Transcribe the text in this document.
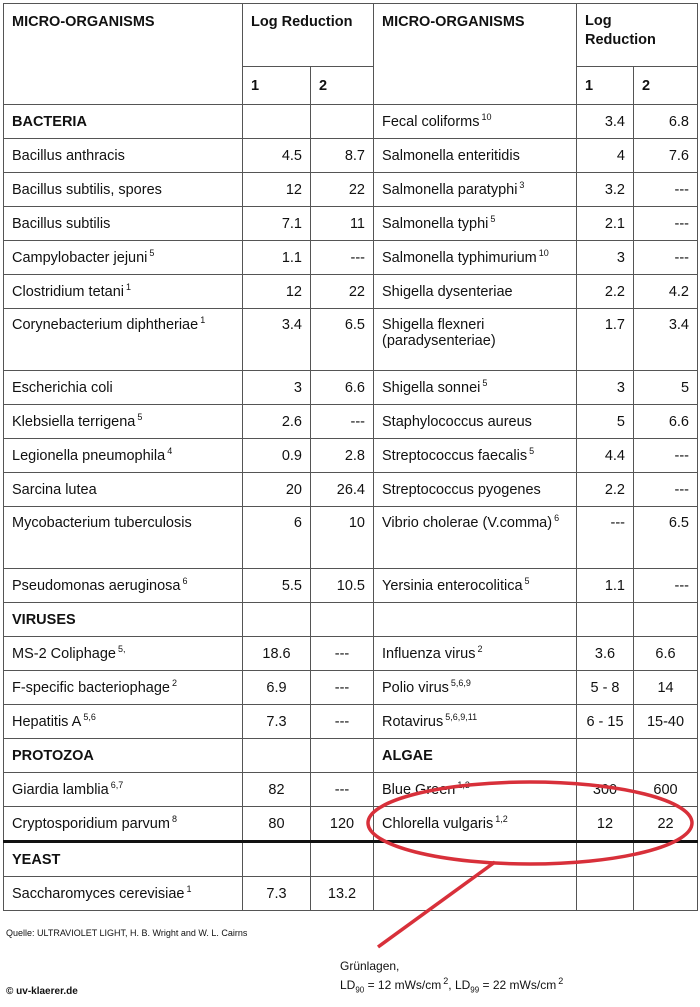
MICRO-ORGANISMS	Log Reduction		MICRO-ORGANISMS	Log
Reduction	
	1	2		1	2
BACTERIA			Fecal coliforms $^{10}$	3.4	6.8
Bacillus anthracis	4.5	8.7	Salmonella enteritidis	4	7.6
Bacillus subtilis, spores	12	22	Salmonella paratyphi $^3$	3.2	---
Bacillus subtilis	7.1	11	Salmonella typhi $^5$	2.1	---
Campylobacter jejuni $^5$	1.1	---	Salmonella typhimurium $^{10}$	3	---
Clostridium tetani $^1$	12	22	Shigella dysenteriae	2.2	4.2
Corynebacterium diphtheriae $^1$	3.4	6.5	Shigella flexneri (paradysenteriae)	1.7	3.4
Escherichia coli	3	6.6	Shigella sonnei $^5$	3	5
Klebsiella terrigena $^5$	2.6	---	Staphylococcus aureus	5	6.6
Legionella pneumophila $^4$	0.9	2.8	Streptococcus faecalis $^5$	4.4	---
Sarcina lutea	20	26.4	Streptococcus pyogenes	2.2	---
Mycobacterium tuberculosis	6	10	Vibrio cholerae (V.comma) $^6$	---	6.5
Pseudomonas aeruginosa $^6$	5.5	10.5	Yersinia enterocolitica $^5$	1.1	---
VIRUSES					
MS-2 Coliphage $^{5,}$	18.6	---	Influenza virus $^2$	3.6	6.6
F-specific bacteriophage $^2$	6.9	---	Polio virus $^{5,6,9}$	5 - 8	14
Hepatitis A $^{5,6}$	7.3	---	Rotavirus $^{5,6,9,11}$	6 - 15	15-40
PROTOZOA			ALGAE		
Giardia lamblia $^{6,7}$	82	---	Blue Green $^{1,3}$	300	600
Cryptosporidium parvum $^8$	80	120	Chlorella vulgaris $^{1,2}$	12	22
YEAST					
Saccharomyces cerevisiae $^1$	7.3	13.2			
Quelle: ULTRAVIOLET LIGHT, H. B. Wright and W. L. Cairns
© uv-klaerer.de
Grünlagen,
$LD_{90} = 12$ mWs/cm $^2$, $LD_{99} = 22$ mWs/cm $^2$
